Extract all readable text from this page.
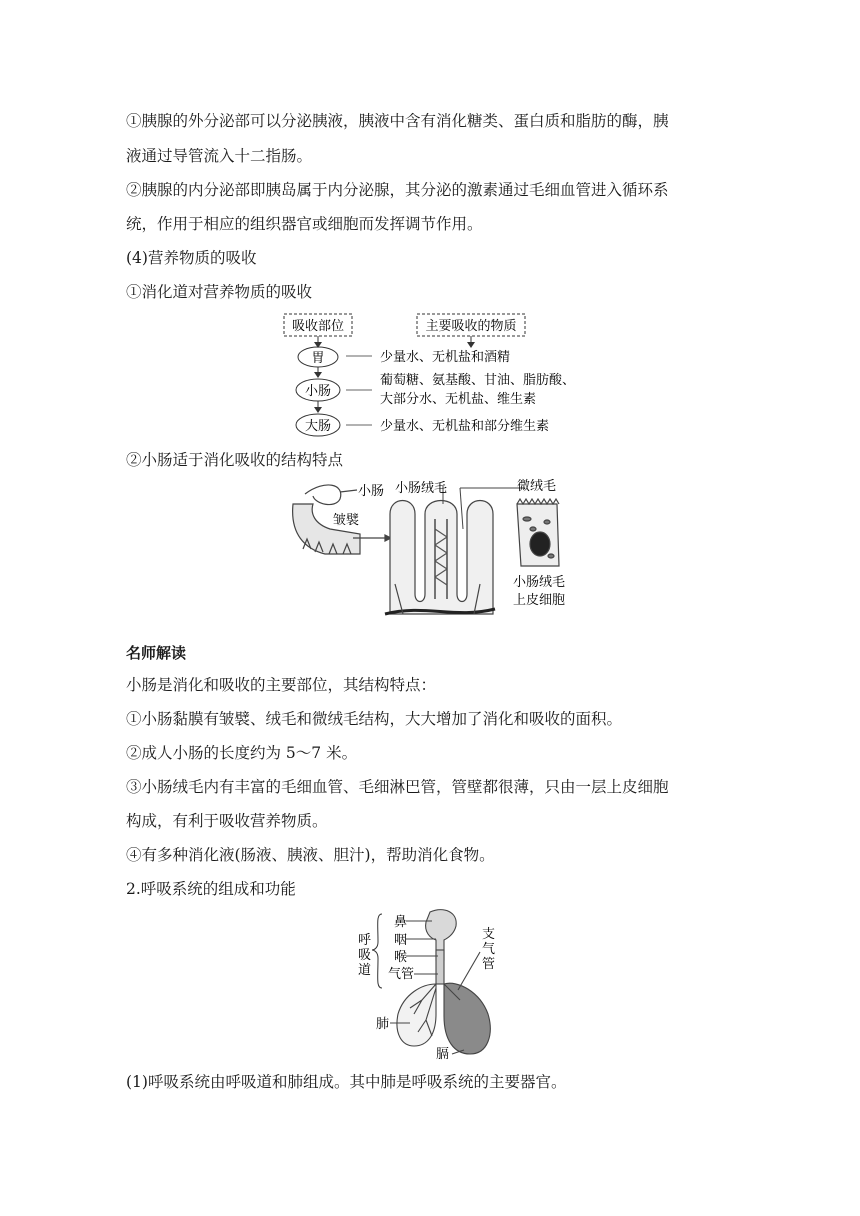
①胰腺的外分泌部可以分泌胰液，胰液中含有消化糖类、蛋白质和脂肪的酶，胰
液通过导管流入十二指肠。
②胰腺的内分泌部即胰岛属于内分泌腺，其分泌的激素通过毛细血管进入循环系
统，作用于相应的组织器官或细胞而发挥调节作用。
(4)营养物质的吸收
①消化道对营养物质的吸收
吸收部位	主要吸收的物质
胃	少量水、无机盐和酒精
小肠
葡萄糖、氨基酸、甘油、脂肪酸、
大部分水、无机盐、维生素
大肠	少量水、无机盐和部分维生素
②小肠适于消化吸收的结构特点
小肠
皱襞
小肠绒毛	微绒毛
小肠绒毛
上皮细胞
名师解读
小肠是消化和吸收的主要部位，其结构特点：
①小肠黏膜有皱襞、绒毛和微绒毛结构，大大增加了消化和吸收的面积。
②成人小肠的长度约为 5～7 米。
③小肠绒毛内有丰富的毛细血管、毛细淋巴管，管壁都很薄，只由一层上皮细胞
构成，有利于吸收营养物质。
④有多种消化液(肠液、胰液、胆汁)，帮助消化食物。
2.呼吸系统的组成和功能
呼
吸
道
鼻
咽
喉
气管
支
气
管
肺
膈
(1)呼吸系统由呼吸道和肺组成。其中肺是呼吸系统的主要器官。
